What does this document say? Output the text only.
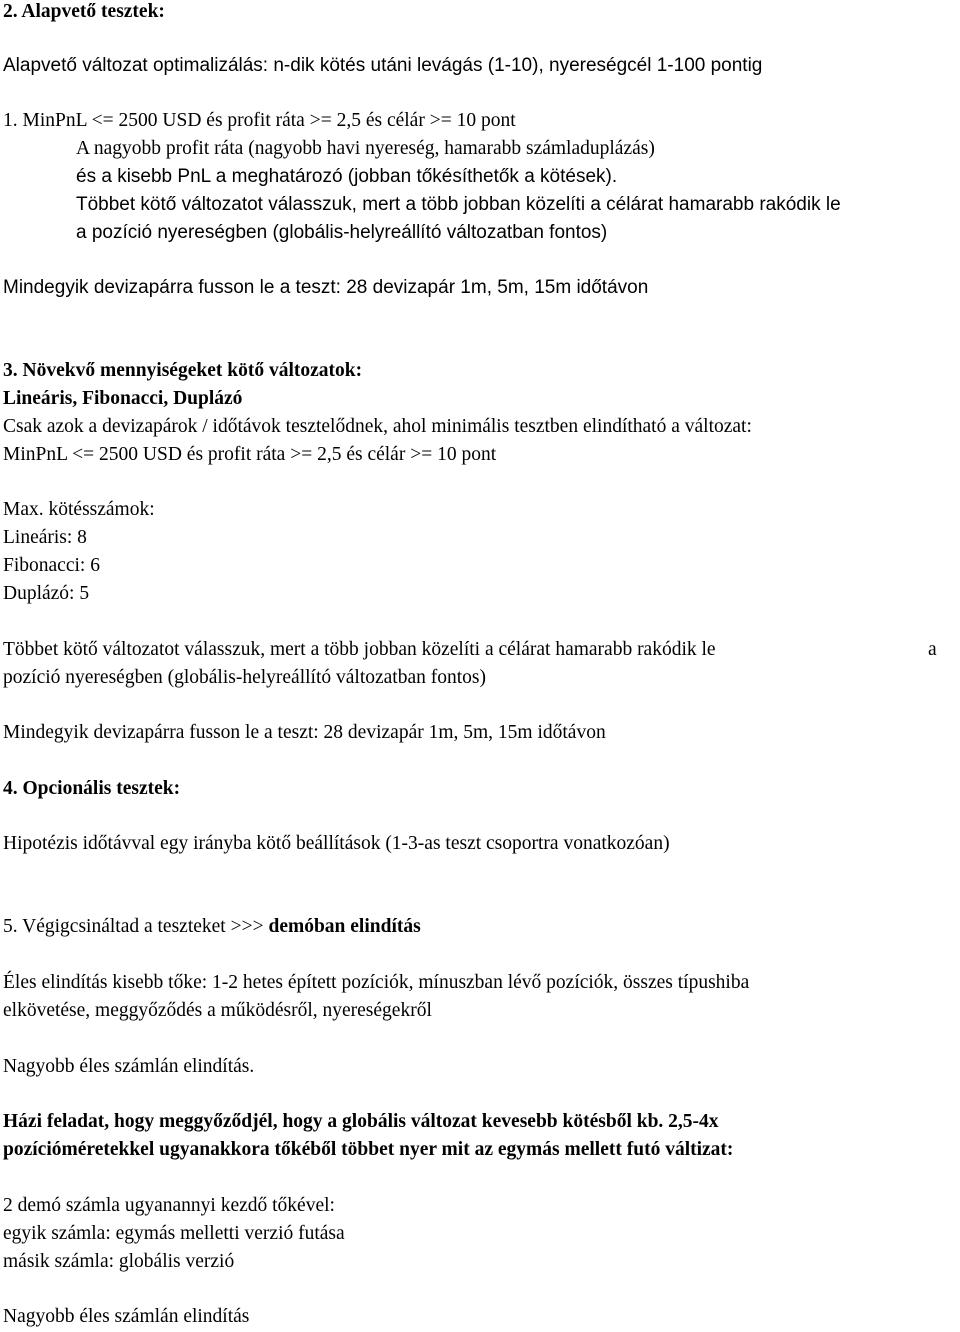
2. Alapvető tesztek:
Alapvető változat optimalizálás: n-dik kötés utáni levágás (1-10), nyereségcél 1-100 pontig
1. MinPnL <= 2500 USD és profit ráta >= 2,5 és célár >= 10 pont
A nagyobb profit ráta (nagyobb havi nyereség, hamarabb számladuplázás)
és a kisebb PnL a meghatározó (jobban tőkésíthetők a kötések).
Többet kötő változatot válasszuk, mert a több jobban közelíti a célárat hamarabb rakódik le
a pozíció nyereségben (globális-helyreállító változatban fontos)
Mindegyik devizapárra fusson le a teszt: 28 devizapár 1m, 5m, 15m időtávon
3. Növekvő mennyiségeket kötő változatok:
Lineáris, Fibonacci, Duplázó
Csak azok a devizapárok / időtávok tesztelődnek, ahol minimális tesztben elindítható a változat:
MinPnL <= 2500 USD és profit ráta >= 2,5 és célár >= 10 pont
Max. kötésszámok:
Lineáris: 8
Fibonacci: 6
Duplázó: 5
Többet kötő változatot válasszuk, mert a több jobban közelíti a célárat hamarabb rakódik le	a
pozíció nyereségben (globális-helyreállító változatban fontos)
Mindegyik devizapárra fusson le a teszt: 28 devizapár 1m, 5m, 15m időtávon
4. Opcionális tesztek:
Hipotézis időtávval egy irányba kötő beállítások (1-3-as teszt csoportra vonatkozóan)
5. Végigcsináltad a teszteket >>> demóban elindítás
Éles elindítás kisebb tőke: 1-2 hetes épített pozíciók, mínuszban lévő pozíciók, összes típushiba
elkövetése, meggyőződés a működésről, nyereségekről
Nagyobb éles számlán elindítás.
Házi feladat, hogy meggyőződjél, hogy a globális változat kevesebb kötésből kb. 2,5-4x
pozícióméretekkel ugyanakkora tőkéből többet nyer mit az egymás mellett futó váltizat:
2 demó számla ugyanannyi kezdő tőkével:
egyik számla: egymás melletti verzió futása
másik számla: globális verzió
Nagyobb éles számlán elindítás
